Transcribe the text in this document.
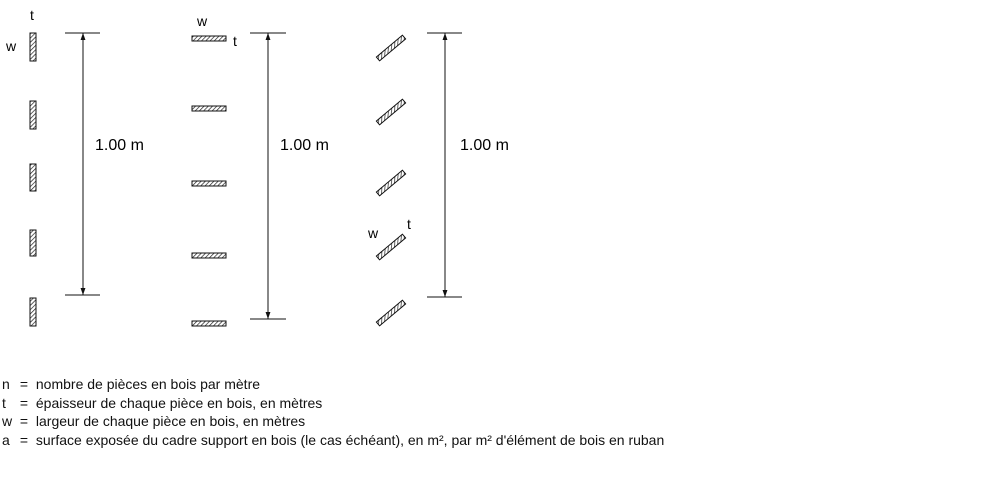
t
w
1.00 m
w
t
1.00 m
w
t
1.00 m
n = nombre de pièces en bois par mètre
t = épaisseur de chaque pièce en bois, en mètres
w = largeur de chaque pièce en bois, en mètres
a = surface exposée du cadre support en bois (le cas échéant), en m², par m² d'élément de bois en ruban
